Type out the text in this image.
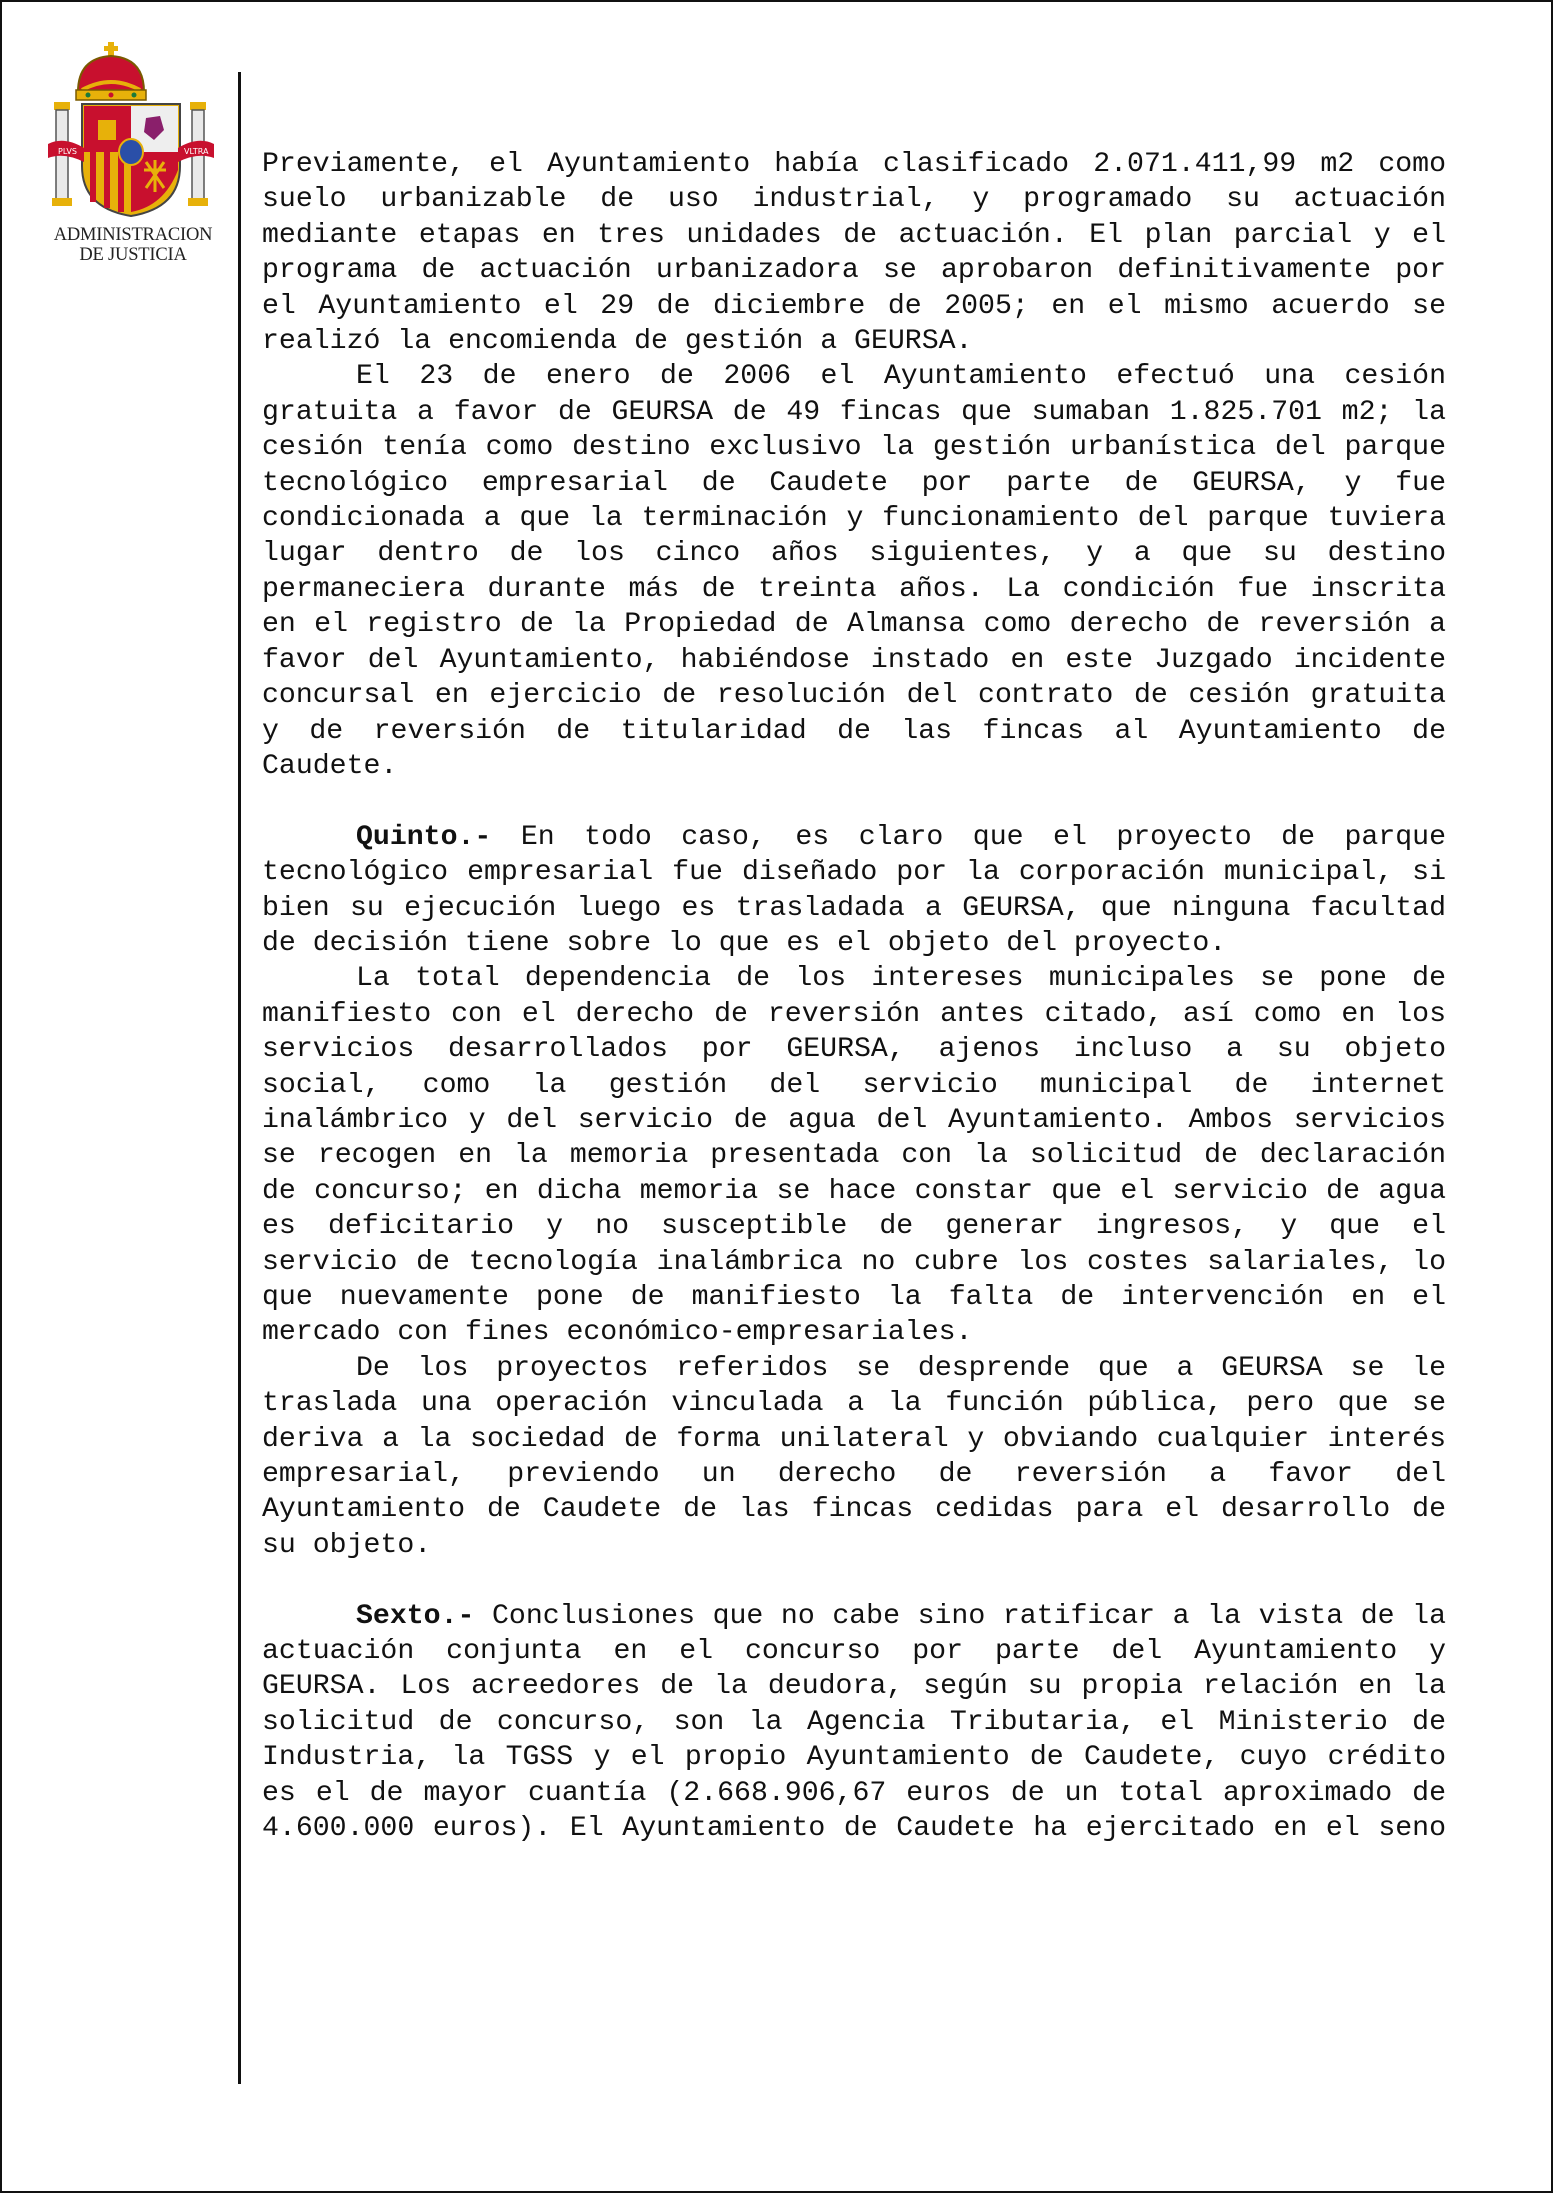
PLVS	VLTRA
ADMINISTRACION
DE JUSTICIA

Previamente, el Ayuntamiento había clasificado 2.071.411,99 m2 como suelo urbanizable de uso industrial, y programado su actuación mediante etapas en tres unidades de actuación. El plan parcial y el programa de actuación urbanizadora se aprobaron definitivamente por el Ayuntamiento el 29 de diciembre de 2005; en el mismo acuerdo se realizó la encomienda de gestión a GEURSA.

El 23 de enero de 2006 el Ayuntamiento efectuó una cesión gratuita a favor de GEURSA de 49 fincas que sumaban 1.825.701 m2; la cesión tenía como destino exclusivo la gestión urbanística del parque tecnológico empresarial de Caudete por parte de GEURSA, y fue condicionada a que la terminación y funcionamiento del parque tuviera lugar dentro de los cinco años siguientes, y a que su destino permaneciera durante más de treinta años. La condición fue inscrita en el registro de la Propiedad de Almansa como derecho de reversión a favor del Ayuntamiento, habiéndose instado en este Juzgado incidente concursal en ejercicio de resolución del contrato de cesión gratuita y de reversión de titularidad de las fincas al Ayuntamiento de Caudete.

Quinto.- En todo caso, es claro que el proyecto de parque tecnológico empresarial fue diseñado por la corporación municipal, si bien su ejecución luego es trasladada a GEURSA, que ninguna facultad de decisión tiene sobre lo que es el objeto del proyecto.

La total dependencia de los intereses municipales se pone de manifiesto con el derecho de reversión antes citado, así como en los servicios desarrollados por GEURSA, ajenos incluso a su objeto social, como la gestión del servicio municipal de internet inalámbrico y del servicio de agua del Ayuntamiento. Ambos servicios se recogen en la memoria presentada con la solicitud de declaración de concurso; en dicha memoria se hace constar que el servicio de agua es deficitario y no susceptible de generar ingresos, y que el servicio de tecnología inalámbrica no cubre los costes salariales, lo que nuevamente pone de manifiesto la falta de intervención en el mercado con fines económico-empresariales.

De los proyectos referidos se desprende que a GEURSA se le traslada una operación vinculada a la función pública, pero que se deriva a la sociedad de forma unilateral y obviando cualquier interés empresarial, previendo un derecho de reversión a favor del Ayuntamiento de Caudete de las fincas cedidas para el desarrollo de su objeto.

Sexto.- Conclusiones que no cabe sino ratificar a la vista de la actuación conjunta en el concurso por parte del Ayuntamiento y GEURSA. Los acreedores de la deudora, según su propia relación en la solicitud de concurso, son la Agencia Tributaria, el Ministerio de Industria, la TGSS y el propio Ayuntamiento de Caudete, cuyo crédito es el de mayor cuantía (2.668.906,67 euros de un total aproximado de 4.600.000 euros). El Ayuntamiento de Caudete ha ejercitado en el seno
